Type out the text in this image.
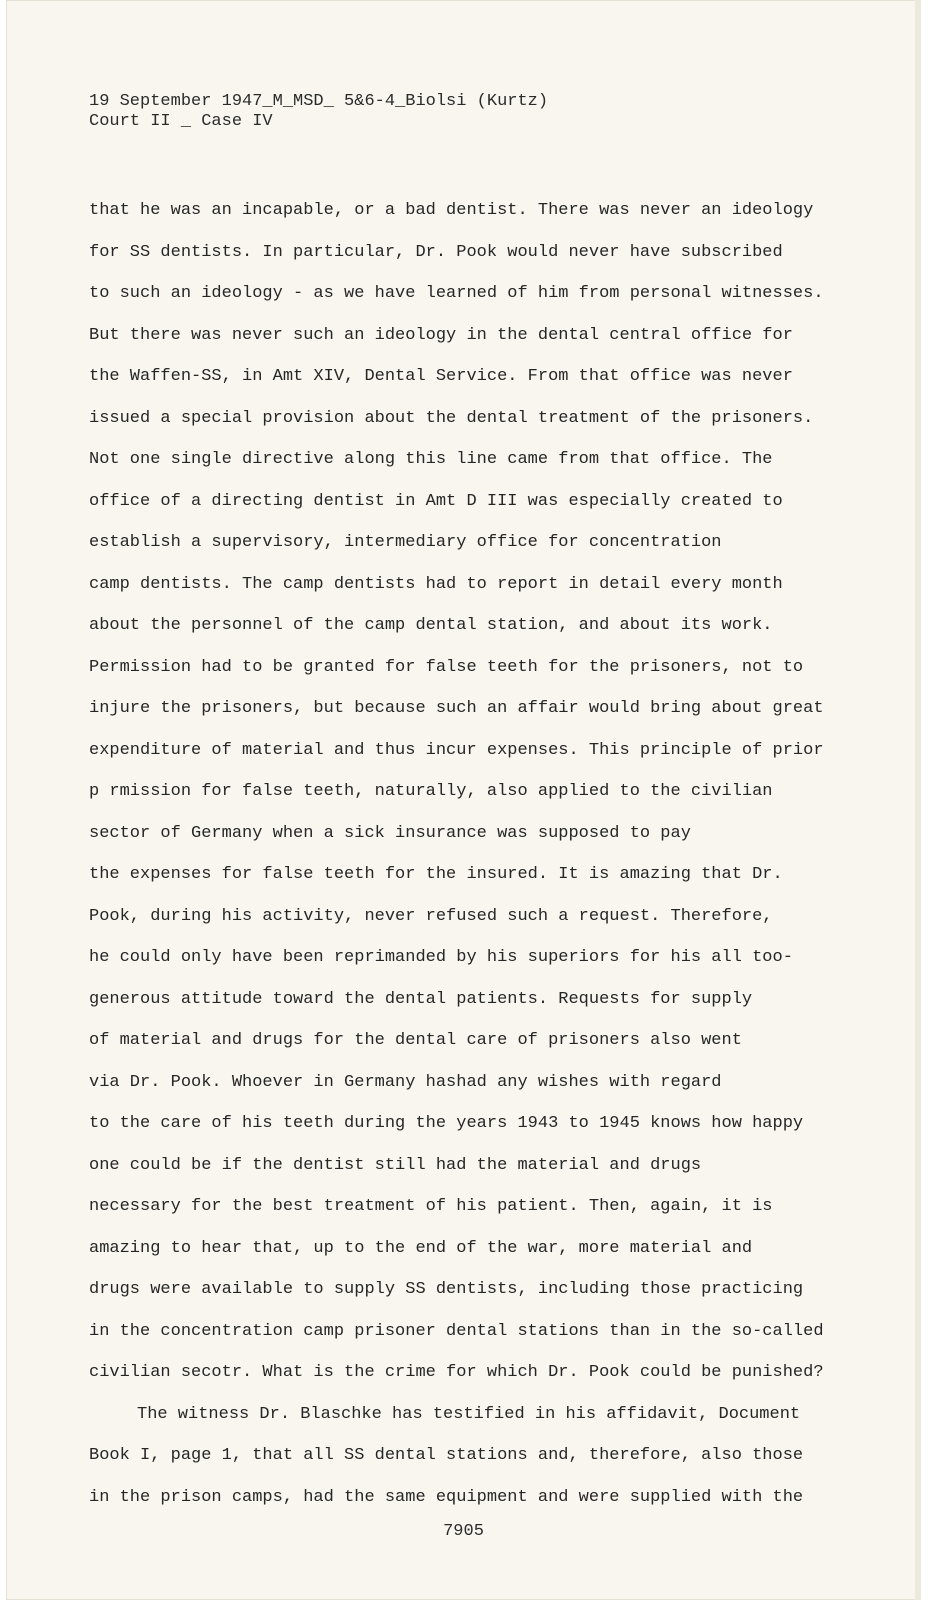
19 September 1947_M_MSD_ 5&6-4_Biolsi (Kurtz)
Court II _ Case IV
that he was an incapable, or a bad dentist. There was never an ideology
for SS dentists. In particular, Dr. Pook would never have subscribed
to such an ideology - as we have learned of him from personal witnesses.
But there was never such an ideology in the dental central office for
the Waffen-SS, in Amt XIV, Dental Service. From that office was never
issued a special provision about the dental treatment of the prisoners.
Not one single directive along this line came from that office. The
office of a directing dentist in Amt D III was especially created to
establish a supervisory, intermediary office for concentration
camp dentists. The camp dentists had to report in detail every month
about the personnel of the camp dental station, and about its work.
Permission had to be granted for false teeth for the prisoners, not to
injure the prisoners, but because such an affair would bring about great
expenditure of material and thus incur expenses. This principle of prior
p rmission for false teeth, naturally, also applied to the civilian
sector of Germany when a sick insurance was supposed to pay
the expenses for false teeth for the insured. It is amazing that Dr.
Pook, during his activity, never refused such a request. Therefore,
he could only have been reprimanded by his superiors for his all too-
generous attitude toward the dental patients. Requests for supply
of material and drugs for the dental care of prisoners also went
via Dr. Pook. Whoever in Germany hashad any wishes with regard
to the care of his teeth during the years 1943 to 1945 knows how happy
one could be if the dentist still had the material and drugs
necessary for the best treatment of his patient. Then, again, it is
amazing to hear that, up to the end of the war, more material and
drugs were available to supply SS dentists, including those practicing
in the concentration camp prisoner dental stations than in the so-called
civilian secotr. What is the crime for which Dr. Pook could be punished?
The witness Dr. Blaschke has testified in his affidavit, Document
Book I, page 1, that all SS dental stations and, therefore, also those
in the prison camps, had the same equipment and were supplied with the
7905
